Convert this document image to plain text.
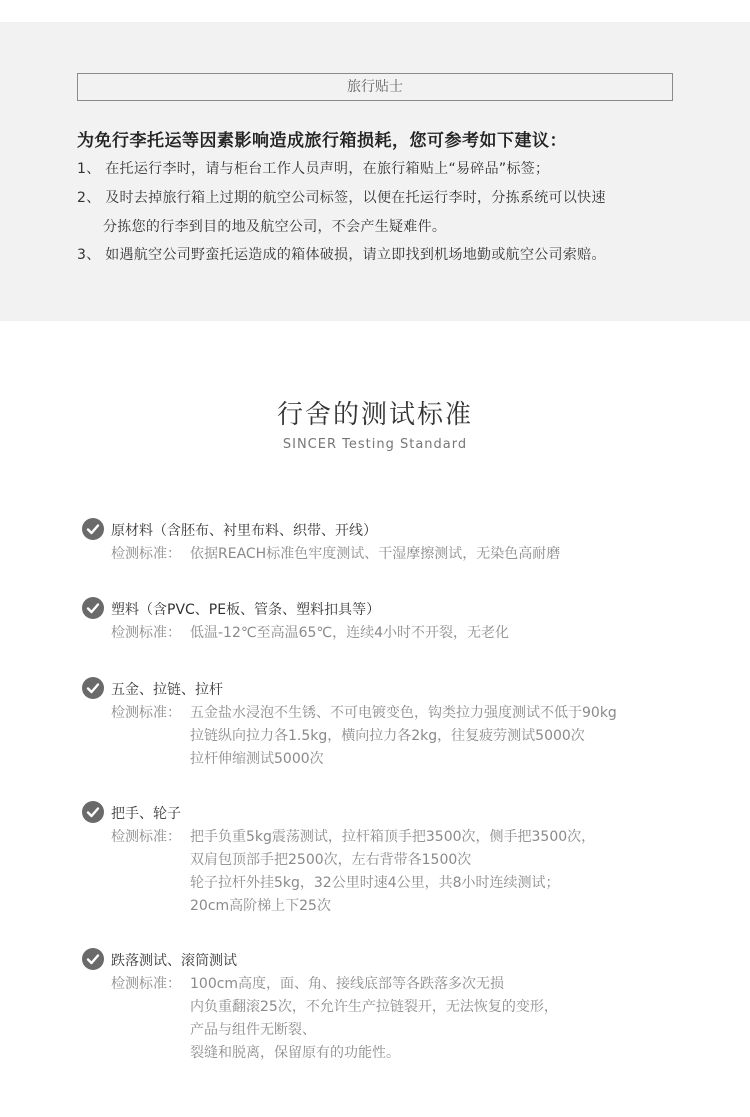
旅行贴士
为免行李托运等因素影响造成旅行箱损耗，您可参考如下建议：
1、 在托运行李时，请与柜台工作人员声明，在旅行箱贴上“易碎品”标签；
2、 及时去掉旅行箱上过期的航空公司标签，以便在托运行李时，分拣系统可以快速
分拣您的行李到目的地及航空公司，不会产生疑难件。
3、 如遇航空公司野蛮托运造成的箱体破损，请立即找到机场地勤或航空公司索赔。
行舍的测试标准
SINCER Testing Standard
原材料（含胚布、衬里布料、织带、开线）
检测标准： 依据REACH标准色牢度测试、干湿摩擦测试，无染色高耐磨
塑料（含PVC、PE板、管条、塑料扣具等）
检测标准： 低温-12℃至高温65℃，连续4小时不开裂，无老化
五金、拉链、拉杆
检测标准： 五金盐水浸泡不生锈、不可电镀变色，钩类拉力强度测试不低于90kg
拉链纵向拉力各1.5kg，横向拉力各2kg，往复疲劳测试5000次
拉杆伸缩测试5000次
把手、轮子
检测标准： 把手负重5kg震荡测试，拉杆箱顶手把3500次，侧手把3500次，
双肩包顶部手把2500次，左右背带各1500次
轮子拉杆外挂5kg，32公里时速4公里，共8小时连续测试；
20cm高阶梯上下25次
跌落测试、滚筒测试
检测标准： 100cm高度，面、角、接线底部等各跌落多次无损
内负重翻滚25次，不允许生产拉链裂开，无法恢复的变形，
产品与组件无断裂、
裂缝和脱离，保留原有的功能性。
